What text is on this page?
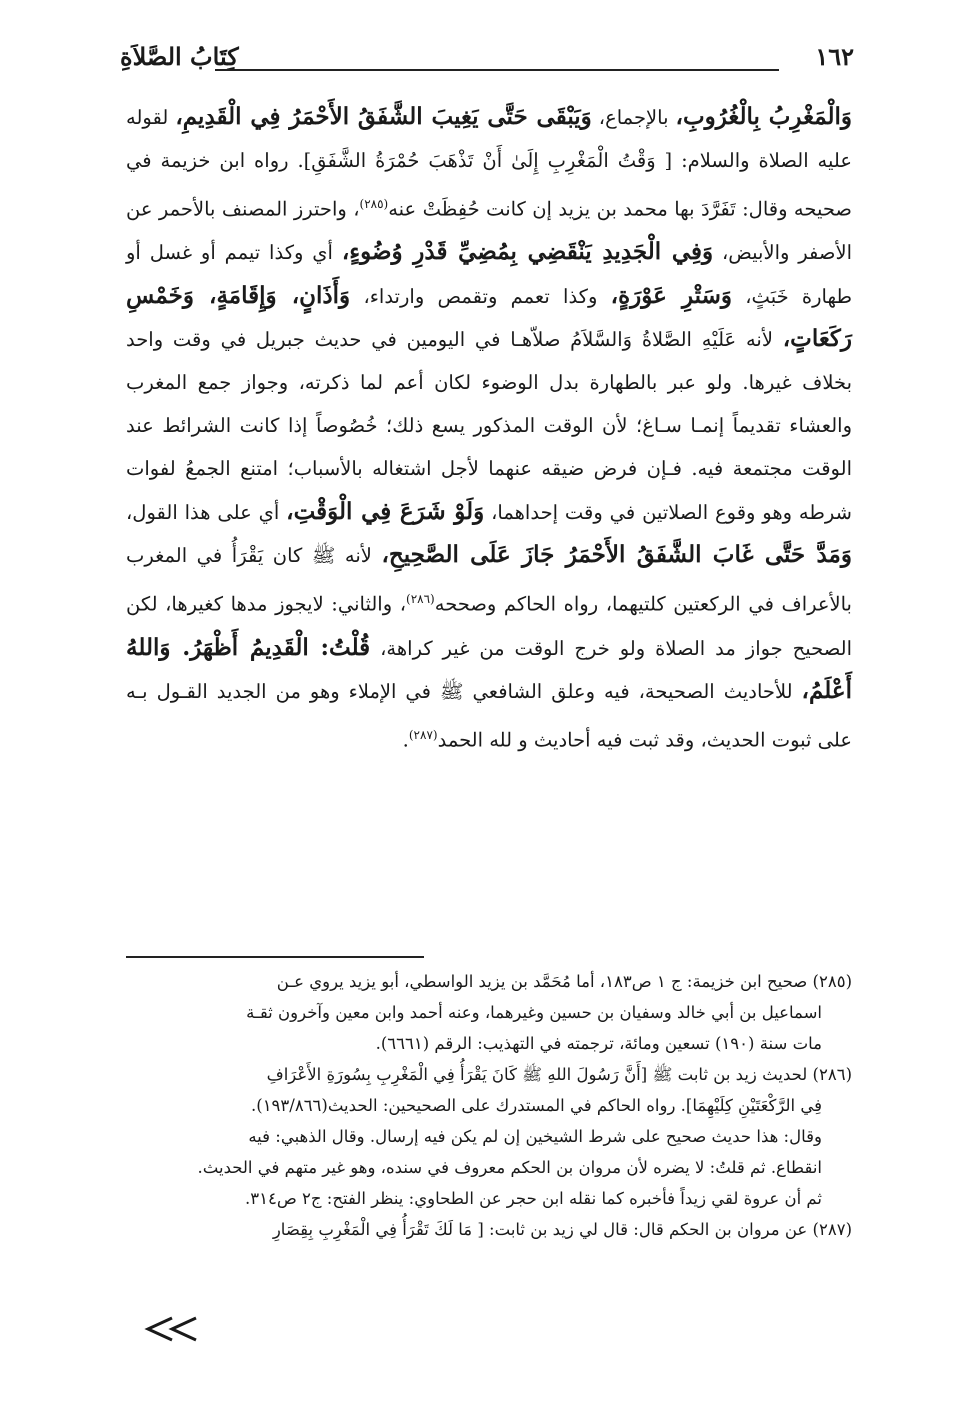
١٦٢
كِتَابُ الصَّلاَةِ

وَالْمَغْرِبُ بِالْغُرُوبِ، بالإجماع، وَيَبْقَى حَتَّى يَغِيبَ الشَّفَقُ الأَحْمَرُ فِي الْقَدِيمِ، لقوله عليه الصلاة والسلام: [ وَقْتُ الْمَغْرِبِ إِلَىٰ أَنْ تَذْهَبَ حُمْرَةُ الشَّفَقِ]. رواه ابن خزيمة في صحيحه وقال: تَفَرَّدَ بها محمد بن يزيد إن كانت حُفِظَتْ عنه$^{(٢٨٥)}$، واحترز المصنف بالأحمر عن الأصفر والأبيض، وَفِي الْجَدِيدِ يَنْقَضِي بِمُضِيِّ قَدْرِ وُضُوءٍ، أي وكذا تيمم أو غسل أو طهارة خَبَثٍ، وَسَتْرِ عَوْرَةٍ، وكذا تعمم وتقمص وارتداء، وَأَذَانٍ، وَإِقَامَةٍ، وَخَمْسِ رَكَعَاتٍ، لأنه عَلَيْهِ الصَّلاةُ وَالسَّلاَمُ صلاّهـا في اليومين في حديث جبريل في وقت واحد بخلاف غيرها. ولو عبر بالطهارة بدل الوضوء لكان أعم لما ذكرته، وجواز جمع المغرب والعشاء تقديماً إنمـا سـاغ؛ لأن الوقت المذكور يسع ذلك؛ خُصُوصاً إذا كانت الشرائط عند الوقت مجتمعة فيه. فـإن فرض ضيقه عنهما لأجل اشتغاله بالأسباب؛ امتنع الجمعُ لفوات شرطه وهو وقوع الصلاتين في وقت إحداهما، وَلَوْ شَرَعَ فِي الْوَقْتِ، أي على هذا القول، وَمَدَّ حَتَّى غَابَ الشَّفَقُ الأَحْمَرُ جَازَ عَلَى الصَّحِيحِ، لأنه ﷺ كان يَقْرَأُ في المغرب بالأعراف في الركعتين كلتيهما، رواه الحاكم وصححه$^{(٢٨٦)}$، والثاني: لايجوز مدها كغيرها، لكن الصحيح جواز مد الصلاة ولو خرج الوقت من غير كراهة، قُلْتُ: الْقَدِيمُ أَظْهَرُ. وَاللهُ أَعْلَمُ، للأحاديث الصحيحة، فيه وعلق الشافعي ﷺ في الإملاء وهو من الجديد القـول بـه على ثبوت الحديث، وقد ثبت فيه أحاديث و لله الحمد$^{(٢٨٧)}$.

(٢٨٥) صحيح ابن خزيمة: ج ١ ص١٨٣، أما مُحَمَّد بن يزيد الواسطي، أبو يزيد يروي عـن
اسماعيل بن أبي خالد وسفيان بن حسين وغيرهما، وعنه أحمد وابن معين وآخرون ثقـة
مات سنة (١٩٠) تسعين ومائة، ترجمته في التهذيب: الرقم (٦٦٦١).
(٢٨٦) لحديث زيد بن ثابت ﷺ [أَنَّ رَسُولَ اللهِ ﷺ كَانَ يَقْرَأُ فِي الْمَغْرِبِ بِسُورَةِ الأَعْرَافِ
فِي الرَّكْعَتَيْنِ كِلَيْهِمَا]. رواه الحاكم في المستدرك على الصحيحين: الحديث(١٩٣/٨٦٦).
وقال: هذا حديث صحيح على شرط الشيخين إن لم يكن فيه إرسال. وقال الذهبي: فيه
انقطاع. ثم قلتُ: لا يضره لأن مروان بن الحكم معروف في سنده، وهو غير متهم في الحديث.
ثم أن عروة لقي زيداً فأخبره كما نقله ابن حجر عن الطحاوي: ينظر الفتح: ج٢ ص٣١٤.
(٢٨٧) عن مروان بن الحكم قال: قال لي زيد بن ثابت: [ مَا لَكَ تَقْرَأُ فِي الْمَغْرِبِ بِقِصَارِ
